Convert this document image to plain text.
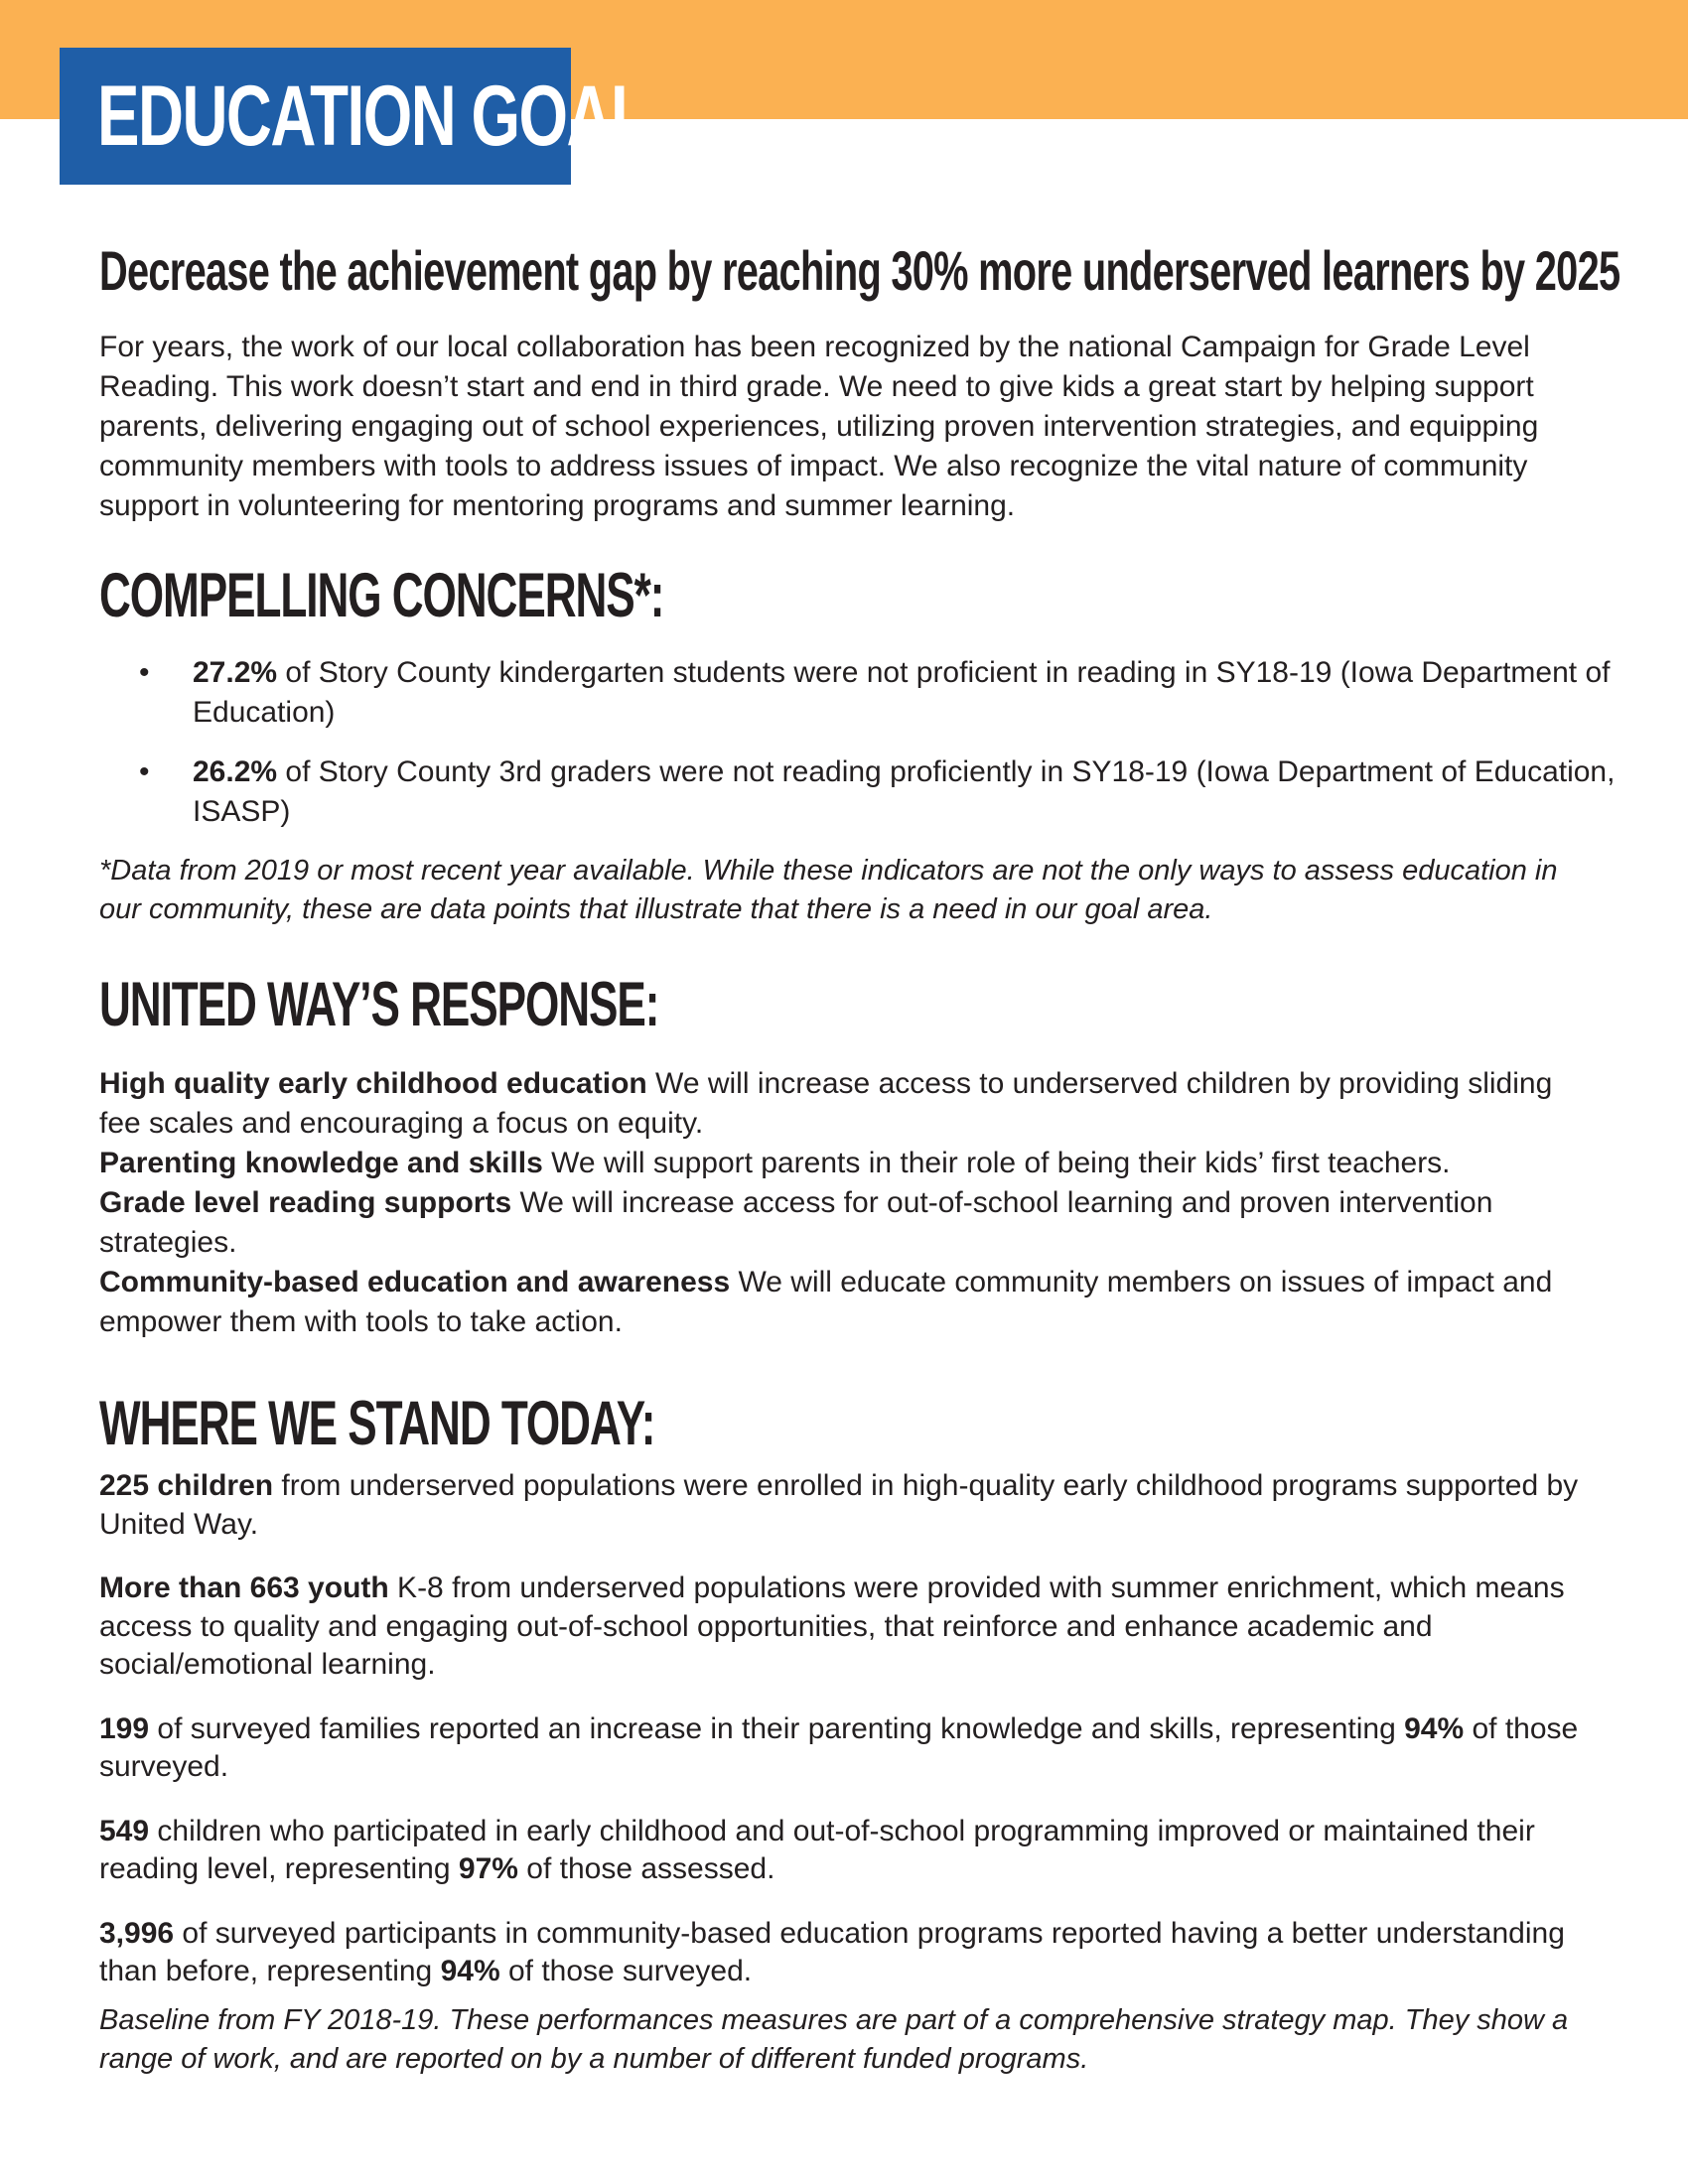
EDUCATION GOAL
Decrease the achievement gap by reaching 30% more underserved learners by 2025

For years, the work of our local collaboration has been recognized by the national Campaign for Grade Level Reading. This work doesn’t start and end in third grade. We need to give kids a great start by helping support parents, delivering engaging out of school experiences, utilizing proven intervention strategies, and equipping community members with tools to address issues of impact. We also recognize the vital nature of community support in volunteering for mentoring programs and summer learning.

COMPELLING CONCERNS*:
• 27.2% of Story County kindergarten students were not proficient in reading in SY18-19 (Iowa Department of Education)
• 26.2% of Story County 3rd graders were not reading proficiently in SY18-19 (Iowa Department of Education, ISASP)

*Data from 2019 or most recent year available. While these indicators are not the only ways to assess education in our community, these are data points that illustrate that there is a need in our goal area.

UNITED WAY’S RESPONSE:
High quality early childhood education We will increase access to underserved children by providing sliding fee scales and encouraging a focus on equity.
Parenting knowledge and skills We will support parents in their role of being their kids’ first teachers.
Grade level reading supports We will increase access for out-of-school learning and proven intervention strategies.
Community-based education and awareness We will educate community members on issues of impact and empower them with tools to take action.
WHERE WE STAND TODAY:

225 children from underserved populations were enrolled in high-quality early childhood programs supported by United Way.

More than 663 youth K-8 from underserved populations were provided with summer enrichment, which means access to quality and engaging out-of-school opportunities, that reinforce and enhance academic and social/emotional learning.

199 of surveyed families reported an increase in their parenting knowledge and skills, representing 94% of those surveyed.

549 children who participated in early childhood and out-of-school programming improved or maintained their reading level, representing 97% of those assessed.

3,996 of surveyed participants in community-based education programs reported having a better understanding than before, representing 94% of those surveyed.

Baseline from FY 2018-19. These performances measures are part of a comprehensive strategy map. They show a range of work, and are reported on by a number of different funded programs.
